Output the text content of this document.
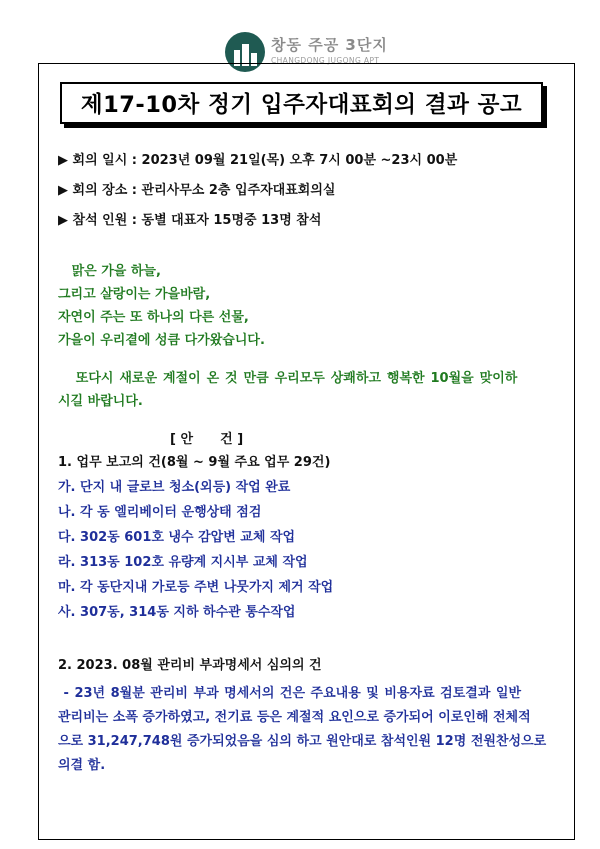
창동 주공 3단지
CHANGDONG JUGONG APT
제17-10차 정기 입주자대표회의 결과 공고
▶ 회의 일시 : 2023년 09월 21일(목) 오후 7시 00분 ~23시 00분
▶ 회의 장소 : 관리사무소 2층 입주자대표회의실
▶ 참석 인원 : 동별 대표자 15명중 13명 참석
맑은 가을 하늘,
그리고 살랑이는 가을바람,
자연이 주는 또 하나의 다른 선물,
가을이 우리곁에 성큼 다가왔습니다.
또다시 새로운 계절이 온 것 만큼 우리모두 상쾌하고 행복한 10월을 맞이하
시길 바랍니다.
[ 안      건 ]
1. 업무 보고의 건(8월 ~ 9월 주요 업무 29건)
가. 단지 내 글로브 청소(외등) 작업 완료
나. 각 동 엘리베이터 운행상태 점검
다. 302동 601호 냉수 감압변 교체 작업
라. 313동 102호 유량계 지시부 교체 작업
마. 각 동단지내 가로등 주변 나뭇가지 제거 작업
사. 307동, 314동 지하 하수관 통수작업
2. 2023. 08월 관리비 부과명세서 심의의 건
- 23년 8월분 관리비 부과 명세서의 건은 주요내용 및 비용자료 검토결과 일반
관리비는 소폭 증가하였고, 전기료 등은 계절적 요인으로 증가되어 이로인해 전체적
으로 31,247,748원 증가되었음을 심의 하고 원안대로 참석인원 12명 전원찬성으로
의결 함.
